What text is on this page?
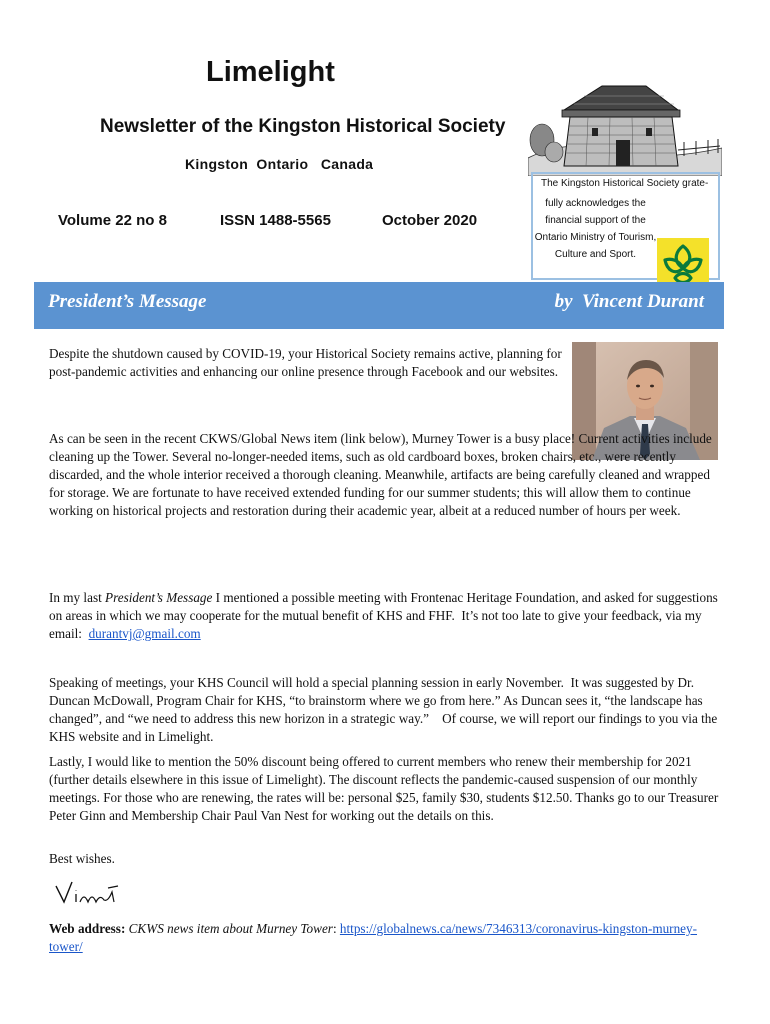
Limelight
Newsletter of the Kingston Historical Society
Kingston  Ontario   Canada
Volume 22 no 8	ISSN 1488-5565	October 2020
The Kingston Historical Society grate-
fully acknowledges the financial support of the Ontario Ministry of Tourism, Culture and Sport.
President’s Message	by  Vincent Durant
Despite the shutdown caused by COVID-19, your Historical Society remains active, planning for post-pandemic activities and enhancing our online presence through Facebook and our websites.
As can be seen in the recent CKWS/Global News item (link below), Murney Tower is a busy place! Current activities include cleaning up the Tower. Several no-longer-needed items, such as old cardboard boxes, broken chairs, etc., were recently discarded, and the whole interior received a thorough cleaning. Meanwhile, artifacts are being carefully cleaned and wrapped for storage. We are fortunate to have received extended funding for our summer students; this will allow them to continue working on historical projects and restoration during their academic year, albeit at a reduced number of hours per week.
In my last President’s Message I mentioned a possible meeting with Frontenac Heritage Foundation, and asked for suggestions on areas in which we may cooperate for the mutual benefit of KHS and FHF.  It’s not too late to give your feedback, via my email:  durantvj@gmail.com
Speaking of meetings, your KHS Council will hold a special planning session in early November.  It was suggested by Dr. Duncan McDowall, Program Chair for KHS, “to brainstorm where we go from here.” As Duncan sees it, “the landscape has changed”, and “we need to address this new horizon in a strategic way.”    Of course, we will report our findings to you via the KHS website and in Limelight.
Lastly, I would like to mention the 50% discount being offered to current members who renew their membership for 2021 (further details elsewhere in this issue of Limelight). The discount reflects the pandemic-caused suspension of our monthly meetings. For those who are renewing, the rates will be: personal $25, family $30, students $12.50. Thanks go to our Treasurer Peter Ginn and Membership Chair Paul Van Nest for working out the details on this.
Best wishes.
Web address: CKWS news item about Murney Tower: https://globalnews.ca/news/7346313/coronavirus-kingston-murney-tower/
